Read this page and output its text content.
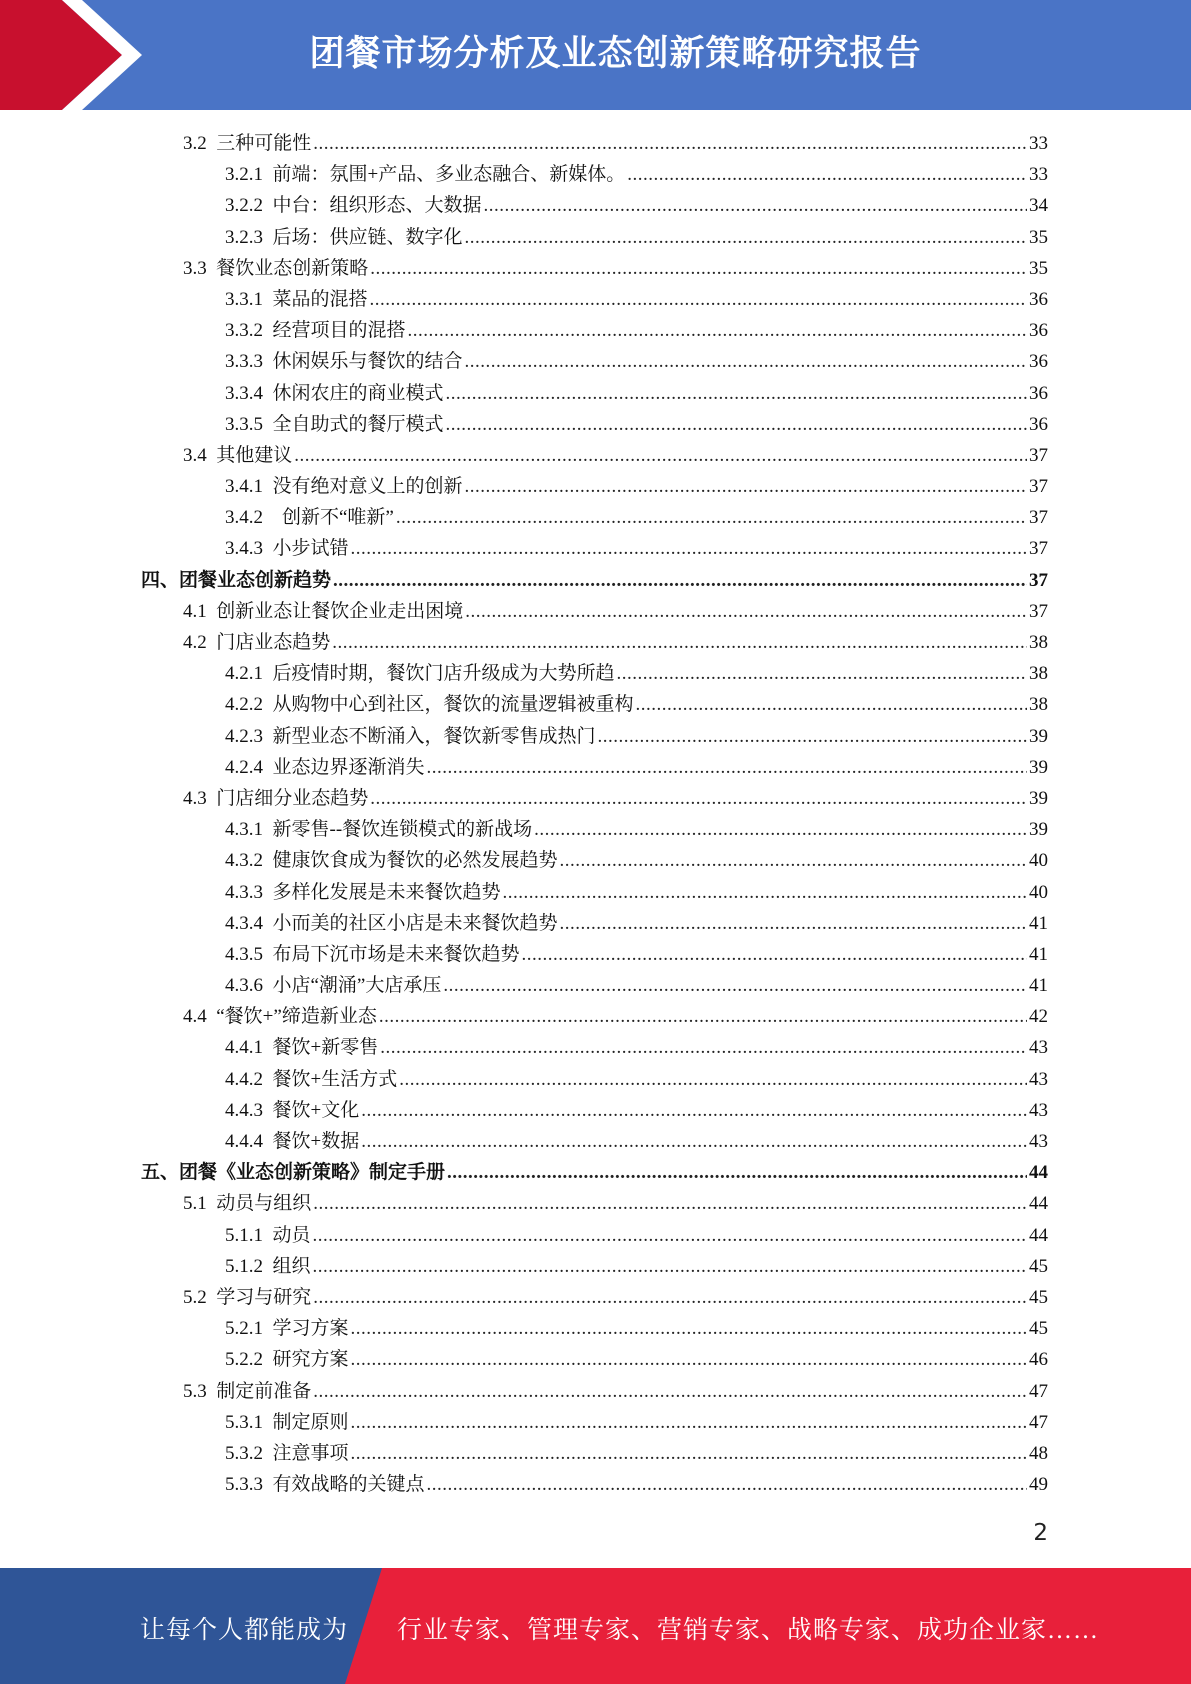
团餐市场分析及业态创新策略研究报告
3.2 三种可能性 .....	33
3.2.1 前端：氛围+产品、多业态融合、新媒体。 .....	33
3.2.2 中台：组织形态、大数据 .....	34
3.2.3 后场：供应链、数字化 .....	35
3.3 餐饮业态创新策略 .....	35
3.3.1 菜品的混搭 .....	36
3.3.2 经营项目的混搭 .....	36
3.3.3 休闲娱乐与餐饮的结合 .....	36
3.3.4 休闲农庄的商业模式 .....	36
3.3.5 全自助式的餐厅模式 .....	36
3.4 其他建议 .....	37
3.4.1 没有绝对意义上的创新 .....	37
3.4.2 创新不“唯新” .....	37
3.4.3 小步试错 .....	37
四、团餐业态创新趋势 .....	37
4.1 创新业态让餐饮企业走出困境 .....	37
4.2 门店业态趋势 .....	38
4.2.1 后疫情时期，餐饮门店升级成为大势所趋 .....	38
4.2.2 从购物中心到社区，餐饮的流量逻辑被重构 .....	38
4.2.3 新型业态不断涌入，餐饮新零售成热门 .....	39
4.2.4 业态边界逐渐消失 .....	39
4.3 门店细分业态趋势 .....	39
4.3.1 新零售--餐饮连锁模式的新战场 .....	39
4.3.2 健康饮食成为餐饮的必然发展趋势 .....	40
4.3.3 多样化发展是未来餐饮趋势 .....	40
4.3.4 小而美的社区小店是未来餐饮趋势 .....	41
4.3.5 布局下沉市场是未来餐饮趋势 .....	41
4.3.6 小店“潮涌”大店承压 .....	41
4.4 “餐饮+”缔造新业态 .....	42
4.4.1 餐饮+新零售 .....	43
4.4.2 餐饮+生活方式 .....	43
4.4.3 餐饮+文化 .....	43
4.4.4 餐饮+数据 .....	43
五、团餐《业态创新策略》制定手册 .....	44
5.1 动员与组织 .....	44
5.1.1 动员 .....	44
5.1.2 组织 .....	45
5.2 学习与研究 .....	45
5.2.1 学习方案 .....	45
5.2.2 研究方案 .....	46
5.3 制定前准备 .....	47
5.3.1 制定原则 .....	47
5.3.2 注意事项 .....	48
5.3.3 有效战略的关键点 .....	49
2
让每个人都能成为 行业专家、管理专家、营销专家、战略专家、成功企业家……
